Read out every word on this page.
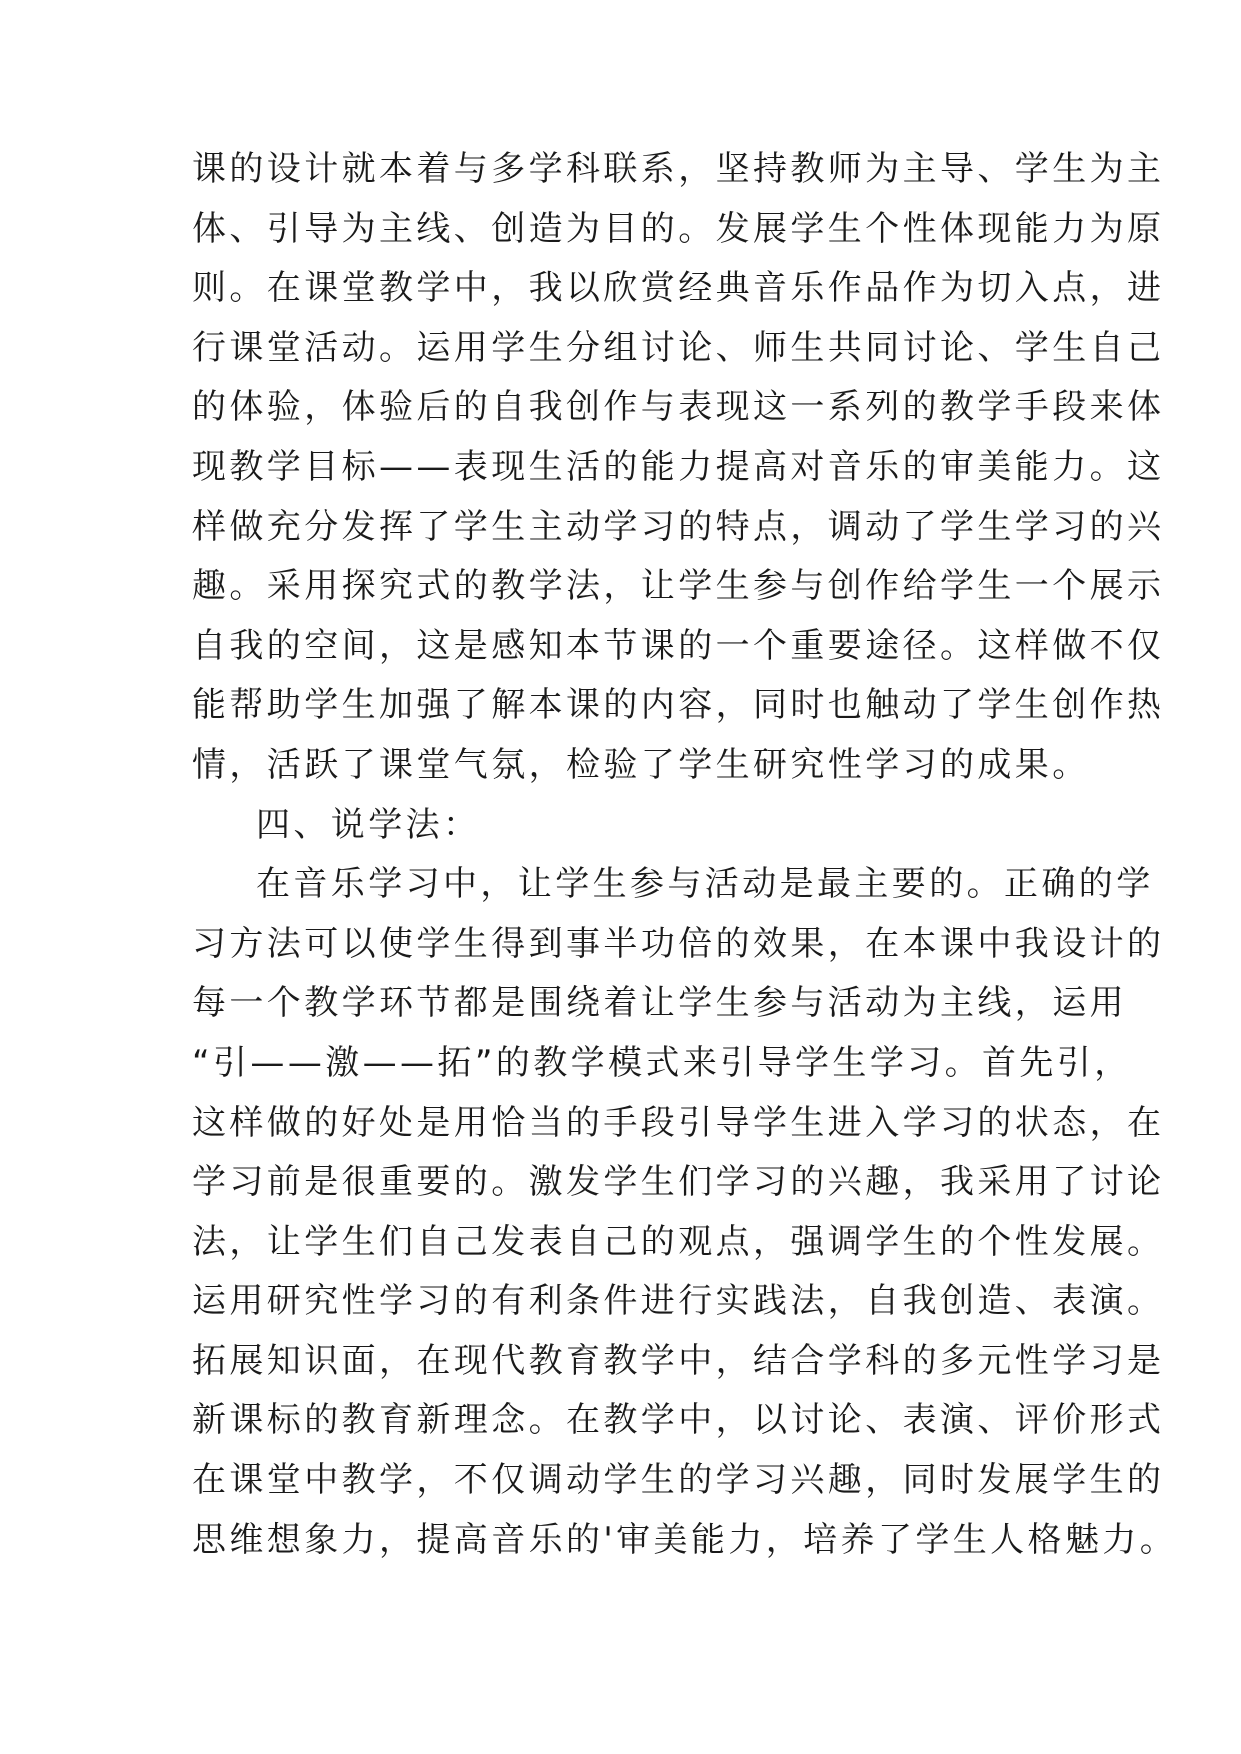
课的设计就本着与多学科联系，坚持教师为主导、学生为主
体、引导为主线、创造为目的。发展学生个性体现能力为原
则。在课堂教学中，我以欣赏经典音乐作品作为切入点，进
行课堂活动。运用学生分组讨论、师生共同讨论、学生自己
的体验，体验后的自我创作与表现这一系列的教学手段来体
现教学目标——表现生活的能力提高对音乐的审美能力。这
样做充分发挥了学生主动学习的特点，调动了学生学习的兴
趣。采用探究式的教学法，让学生参与创作给学生一个展示
自我的空间，这是感知本节课的一个重要途径。这样做不仅
能帮助学生加强了解本课的内容，同时也触动了学生创作热
情，活跃了课堂气氛，检验了学生研究性学习的成果。
四、说学法：
在音乐学习中，让学生参与活动是最主要的。正确的学
习方法可以使学生得到事半功倍的效果，在本课中我设计的
每一个教学环节都是围绕着让学生参与活动为主线，运用
“引——激——拓”的教学模式来引导学生学习。首先引，
这样做的好处是用恰当的手段引导学生进入学习的状态，在
学习前是很重要的。激发学生们学习的兴趣，我采用了讨论
法，让学生们自己发表自己的观点，强调学生的个性发展。
运用研究性学习的有利条件进行实践法，自我创造、表演。
拓展知识面，在现代教育教学中，结合学科的多元性学习是
新课标的教育新理念。在教学中，以讨论、表演、评价形式
在课堂中教学，不仅调动学生的学习兴趣，同时发展学生的
思维想象力，提高音乐的'审美能力，培养了学生人格魅力。
